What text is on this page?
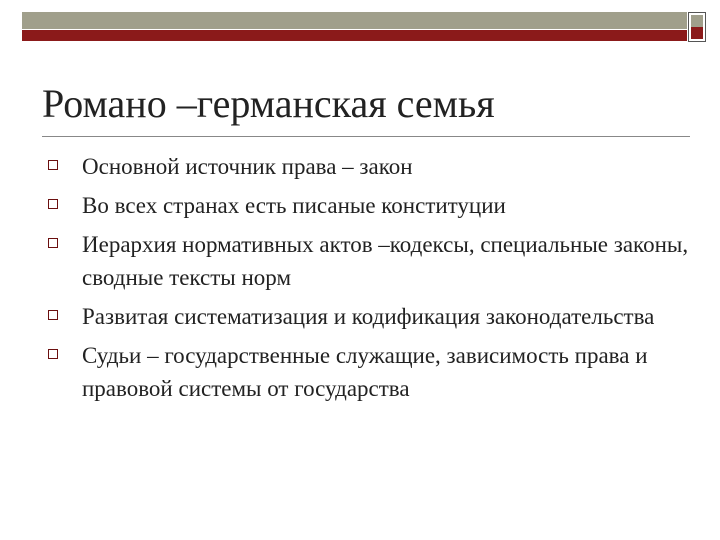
Романо –германская семья
Основной источник права – закон
Во всех странах есть писаные конституции
Иерархия нормативных актов –кодексы, специальные законы, сводные тексты норм
Развитая систематизация и кодификация законодательства
Судьи – государственные служащие, зависимость права и правовой системы от государства
